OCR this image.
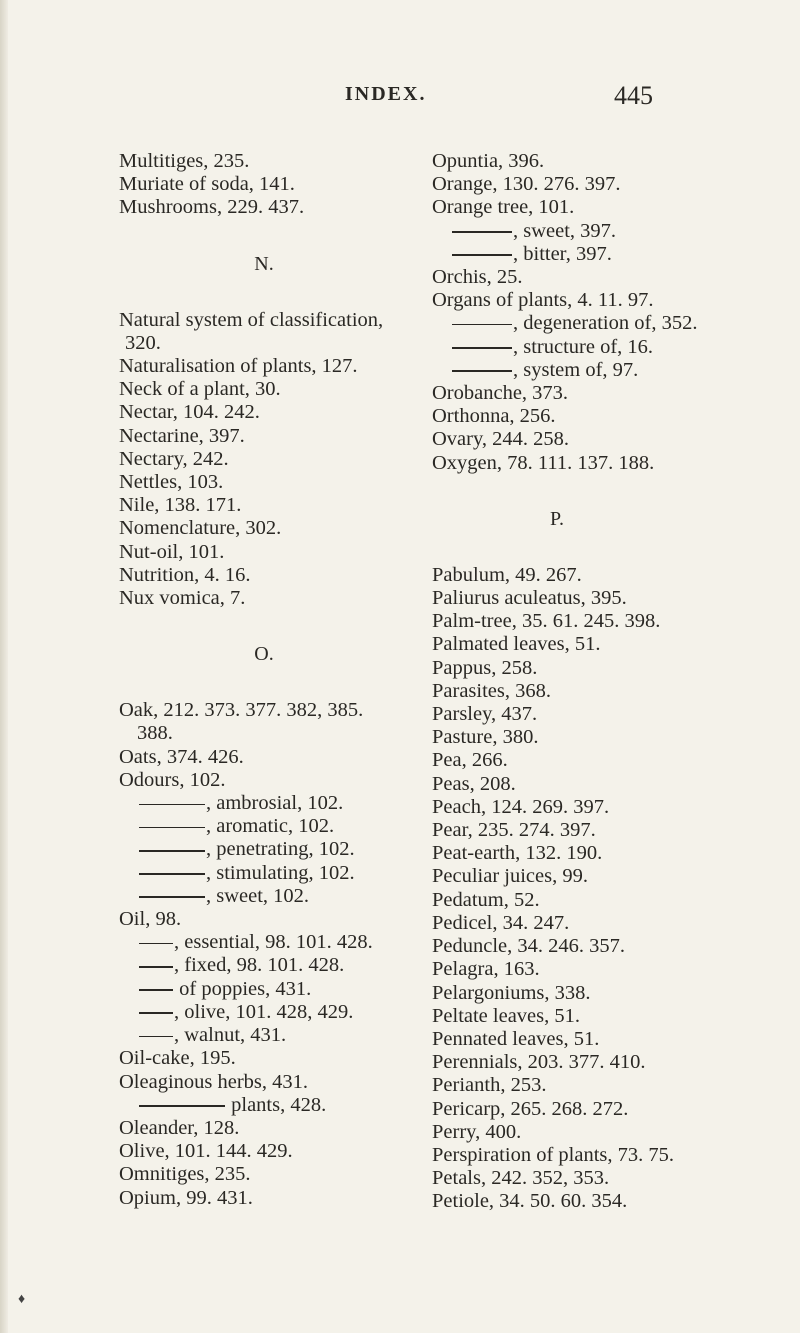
INDEX.	445
Multitiges, 235.
Muriate of soda, 141.
Mushrooms, 229. 437.
N.
Natural system of classification,
320.
Naturalisation of plants, 127.
Neck of a plant, 30.
Nectar, 104. 242.
Nectarine, 397.
Nectary, 242.
Nettles, 103.
Nile, 138. 171.
Nomenclature, 302.
Nut-oil, 101.
Nutrition, 4. 16.
Nux vomica, 7.
O.
Oak, 212. 373. 377. 382, 385.
388.
Oats, 374. 426.
Odours, 102.
, ambrosial, 102.
, aromatic, 102.
, penetrating, 102.
, stimulating, 102.
, sweet, 102.
Oil, 98.
, essential, 98. 101. 428.
, fixed, 98. 101. 428.
of poppies, 431.
, olive, 101. 428, 429.
, walnut, 431.
Oil-cake, 195.
Oleaginous herbs, 431.
plants, 428.
Oleander, 128.
Olive, 101. 144. 429.
Omnitiges, 235.
Opium, 99. 431.
Opuntia, 396.
Orange, 130. 276. 397.
Orange tree, 101.
, sweet, 397.
, bitter, 397.
Orchis, 25.
Organs of plants, 4. 11. 97.
, degeneration of, 352.
, structure of, 16.
, system of, 97.
Orobanche, 373.
Orthonna, 256.
Ovary, 244. 258.
Oxygen, 78. 111. 137. 188.
P.
Pabulum, 49. 267.
Paliurus aculeatus, 395.
Palm-tree, 35. 61. 245. 398.
Palmated leaves, 51.
Pappus, 258.
Parasites, 368.
Parsley, 437.
Pasture, 380.
Pea, 266.
Peas, 208.
Peach, 124. 269. 397.
Pear, 235. 274. 397.
Peat-earth, 132. 190.
Peculiar juices, 99.
Pedatum, 52.
Pedicel, 34. 247.
Peduncle, 34. 246. 357.
Pelagra, 163.
Pelargoniums, 338.
Peltate leaves, 51.
Pennated leaves, 51.
Perennials, 203. 377. 410.
Perianth, 253.
Pericarp, 265. 268. 272.
Perry, 400.
Perspiration of plants, 73. 75.
Petals, 242. 352, 353.
Petiole, 34. 50. 60. 354.
♦
